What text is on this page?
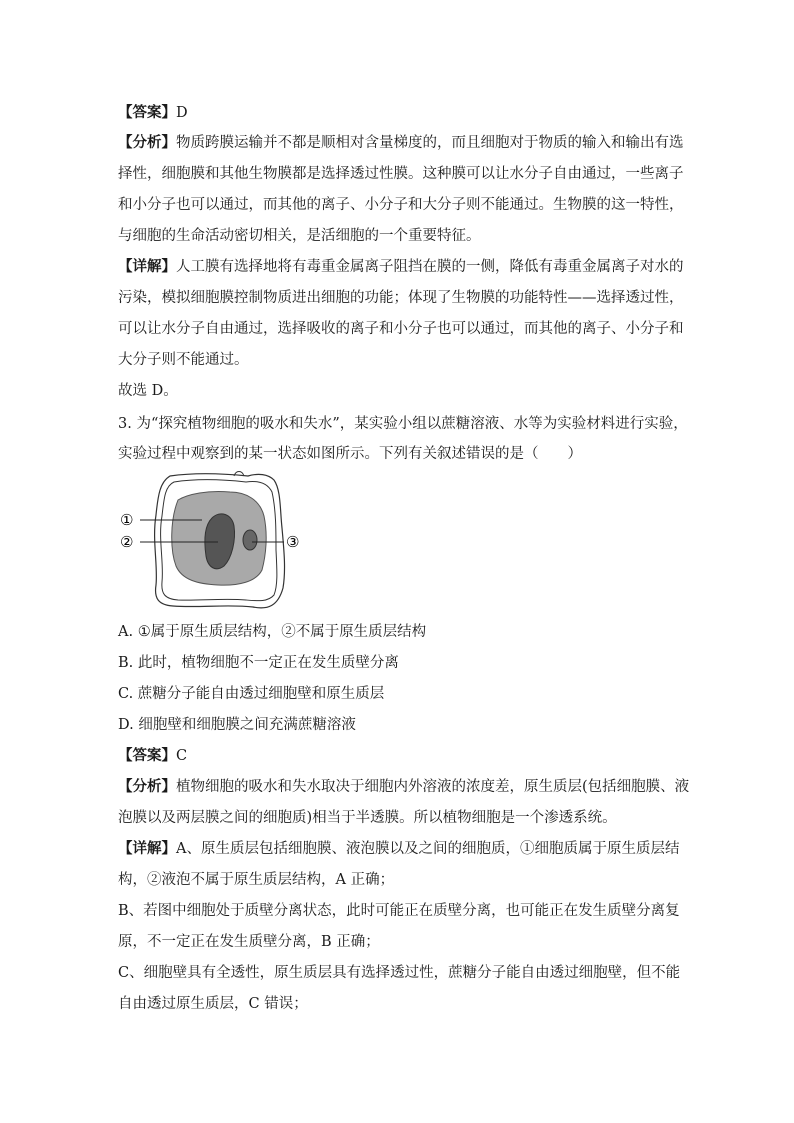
【答案】D
【分析】物质跨膜运输并不都是顺相对含量梯度的，而且细胞对于物质的输入和输出有选
择性，细胞膜和其他生物膜都是选择透过性膜。这种膜可以让水分子自由通过，一些离子
和小分子也可以通过，而其他的离子、小分子和大分子则不能通过。生物膜的这一特性，
与细胞的生命活动密切相关，是活细胞的一个重要特征。
【详解】人工膜有选择地将有毒重金属离子阻挡在膜的一侧，降低有毒重金属离子对水的
污染，模拟细胞膜控制物质进出细胞的功能；体现了生物膜的功能特性——选择透过性，
可以让水分子自由通过，选择吸收的离子和小分子也可以通过，而其他的离子、小分子和
大分子则不能通过。
故选 D。
3. 为“探究植物细胞的吸水和失水”，某实验小组以蔗糖溶液、水等为实验材料进行实验，
实验过程中观察到的某一状态如图所示。下列有关叙述错误的是（　　）
①
②	③
A. ①属于原生质层结构，②不属于原生质层结构
B. 此时，植物细胞不一定正在发生质壁分离
C. 蔗糖分子能自由透过细胞壁和原生质层
D. 细胞壁和细胞膜之间充满蔗糖溶液
【答案】C
【分析】植物细胞的吸水和失水取决于细胞内外溶液的浓度差，原生质层(包括细胞膜、液
泡膜以及两层膜之间的细胞质)相当于半透膜。所以植物细胞是一个渗透系统。
【详解】A、原生质层包括细胞膜、液泡膜以及之间的细胞质，①细胞质属于原生质层结
构，②液泡不属于原生质层结构，A 正确；
B、若图中细胞处于质壁分离状态，此时可能正在质壁分离，也可能正在发生质壁分离复
原，不一定正在发生质壁分离，B 正确；
C、细胞壁具有全透性，原生质层具有选择透过性，蔗糖分子能自由透过细胞壁，但不能
自由透过原生质层，C 错误；
